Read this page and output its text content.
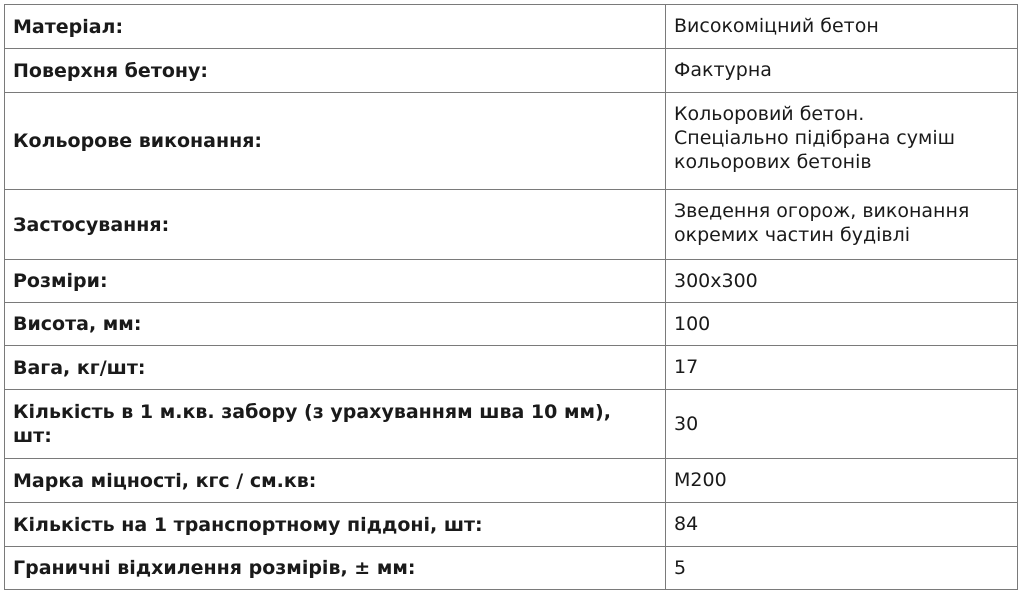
Матеріал:	Високоміцний бетон
Поверхня бетону:	Фактурна
Кольорове виконання:	Кольоровий бетон.
Спеціально підібрана суміш
кольорових бетонів

Застосування:	Зведення огорож, виконання
окремих частин будівлі

Розміри:	300x300
Висота, мм:	100
Вага, кг/шт:	17

Кількість в 1 м.кв. забору (з урахуванням шва 10 мм),
шт:	30
Марка міцності, кгс / см.кв:	М200
Кількість на 1 транспортному піддоні, шт:	84
Граничні відхилення розмірів, ± мм:	5
